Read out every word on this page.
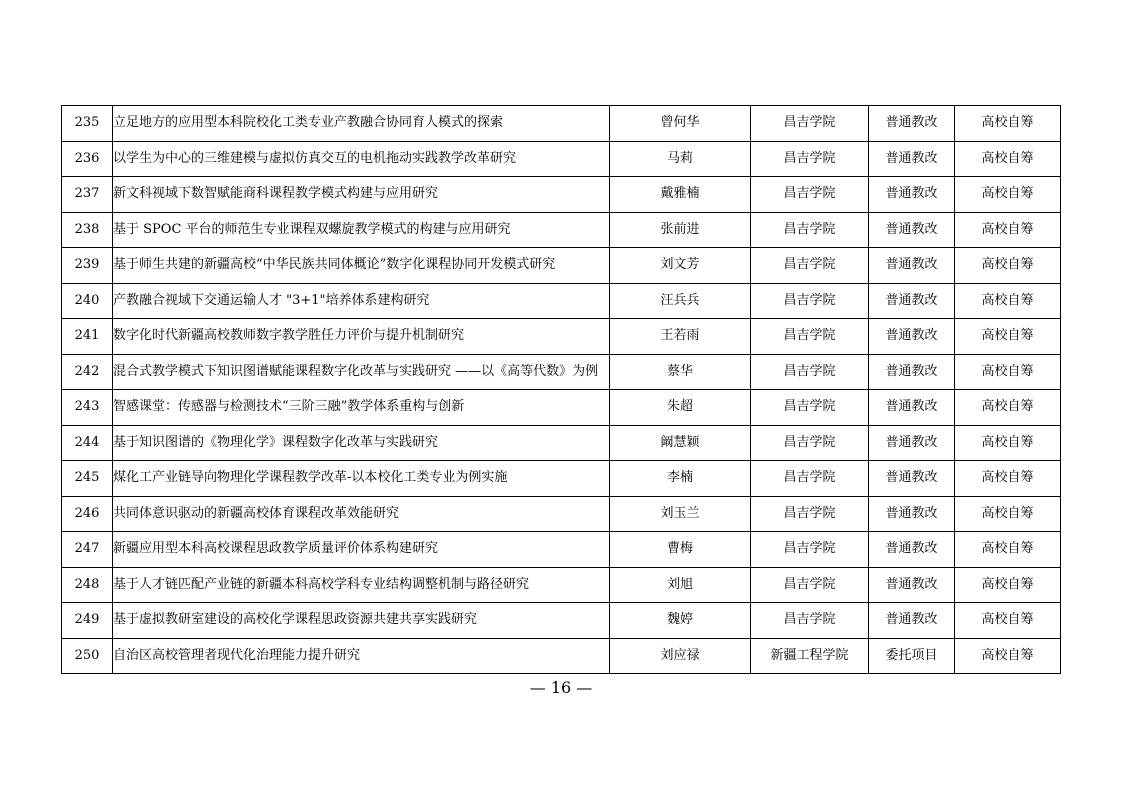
235	立足地方的应用型本科院校化工类专业产教融合协同育人模式的探索	曾何华	昌吉学院	普通教改	高校自筹
236	以学生为中心的三维建模与虚拟仿真交互的电机拖动实践教学改革研究	马莉	昌吉学院	普通教改	高校自筹
237	新文科视域下数智赋能商科课程教学模式构建与应用研究	戴雅楠	昌吉学院	普通教改	高校自筹
238	基于 SPOC 平台的师范生专业课程双螺旋教学模式的构建与应用研究	张前进	昌吉学院	普通教改	高校自筹
239	基于师生共建的新疆高校“中华民族共同体概论”数字化课程协同开发模式研究	刘文芳	昌吉学院	普通教改	高校自筹
240	产教融合视域下交通运输人才 "3+1"培养体系建构研究	汪兵兵	昌吉学院	普通教改	高校自筹
241	数字化时代新疆高校教师数字教学胜任力评价与提升机制研究	王若雨	昌吉学院	普通教改	高校自筹
242	混合式教学模式下知识图谱赋能课程数字化改革与实践研究 ——以《高等代数》为例	蔡华	昌吉学院	普通教改	高校自筹
243	智感课堂：传感器与检测技术“三阶三融”教学体系重构与创新	朱超	昌吉学院	普通教改	高校自筹
244	基于知识图谱的《物理化学》课程数字化改革与实践研究	阚慧颖	昌吉学院	普通教改	高校自筹
245	煤化工产业链导向物理化学课程教学改革-以本校化工类专业为例实施	李楠	昌吉学院	普通教改	高校自筹
246	共同体意识驱动的新疆高校体育课程改革效能研究	刘玉兰	昌吉学院	普通教改	高校自筹
247	新疆应用型本科高校课程思政教学质量评价体系构建研究	曹梅	昌吉学院	普通教改	高校自筹
248	基于人才链匹配产业链的新疆本科高校学科专业结构调整机制与路径研究	刘旭	昌吉学院	普通教改	高校自筹
249	基于虚拟教研室建设的高校化学课程思政资源共建共享实践研究	魏婷	昌吉学院	普通教改	高校自筹
250	自治区高校管理者现代化治理能力提升研究	刘应禄	新疆工程学院	委托项目	高校自筹
— 16 —
